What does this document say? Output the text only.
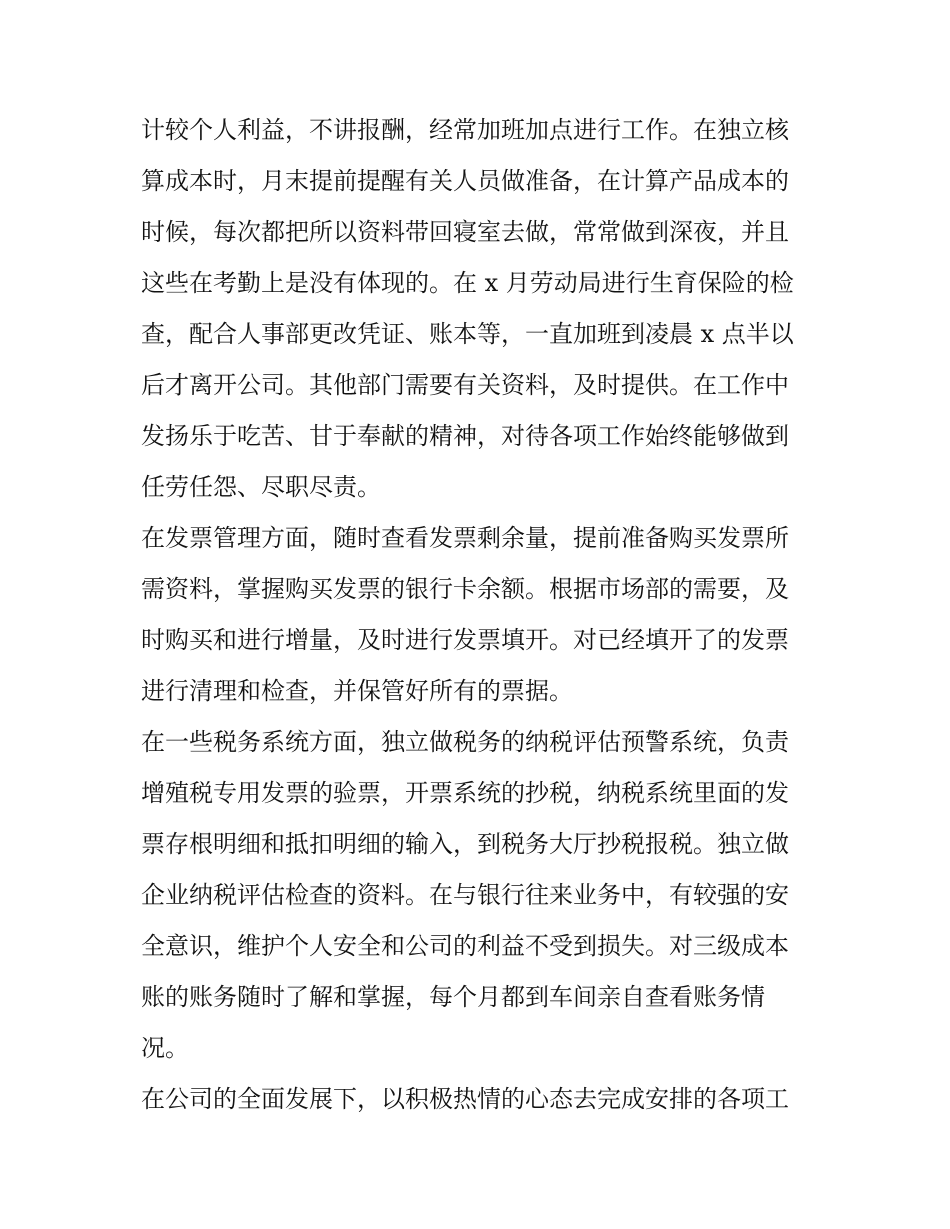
计较个人利益，不讲报酬，经常加班加点进行工作。在独立核
算成本时，月末提前提醒有关人员做准备，在计算产品成本的
时候，每次都把所以资料带回寝室去做，常常做到深夜，并且
这些在考勤上是没有体现的。在 x 月劳动局进行生育保险的检
查，配合人事部更改凭证、账本等，一直加班到凌晨 x 点半以
后才离开公司。其他部门需要有关资料，及时提供。在工作中
发扬乐于吃苦、甘于奉献的精神，对待各项工作始终能够做到
任劳任怨、尽职尽责。
在发票管理方面，随时查看发票剩余量，提前准备购买发票所
需资料，掌握购买发票的银行卡余额。根据市场部的需要，及
时购买和进行增量，及时进行发票填开。对已经填开了的发票
进行清理和检查，并保管好所有的票据。
在一些税务系统方面，独立做税务的纳税评估预警系统，负责
增殖税专用发票的验票，开票系统的抄税，纳税系统里面的发
票存根明细和抵扣明细的输入，到税务大厅抄税报税。独立做
企业纳税评估检查的资料。在与银行往来业务中，有较强的安
全意识，维护个人安全和公司的利益不受到损失。对三级成本
账的账务随时了解和掌握，每个月都到车间亲自查看账务情
况。
在公司的全面发展下，以积极热情的心态去完成安排的各项工
